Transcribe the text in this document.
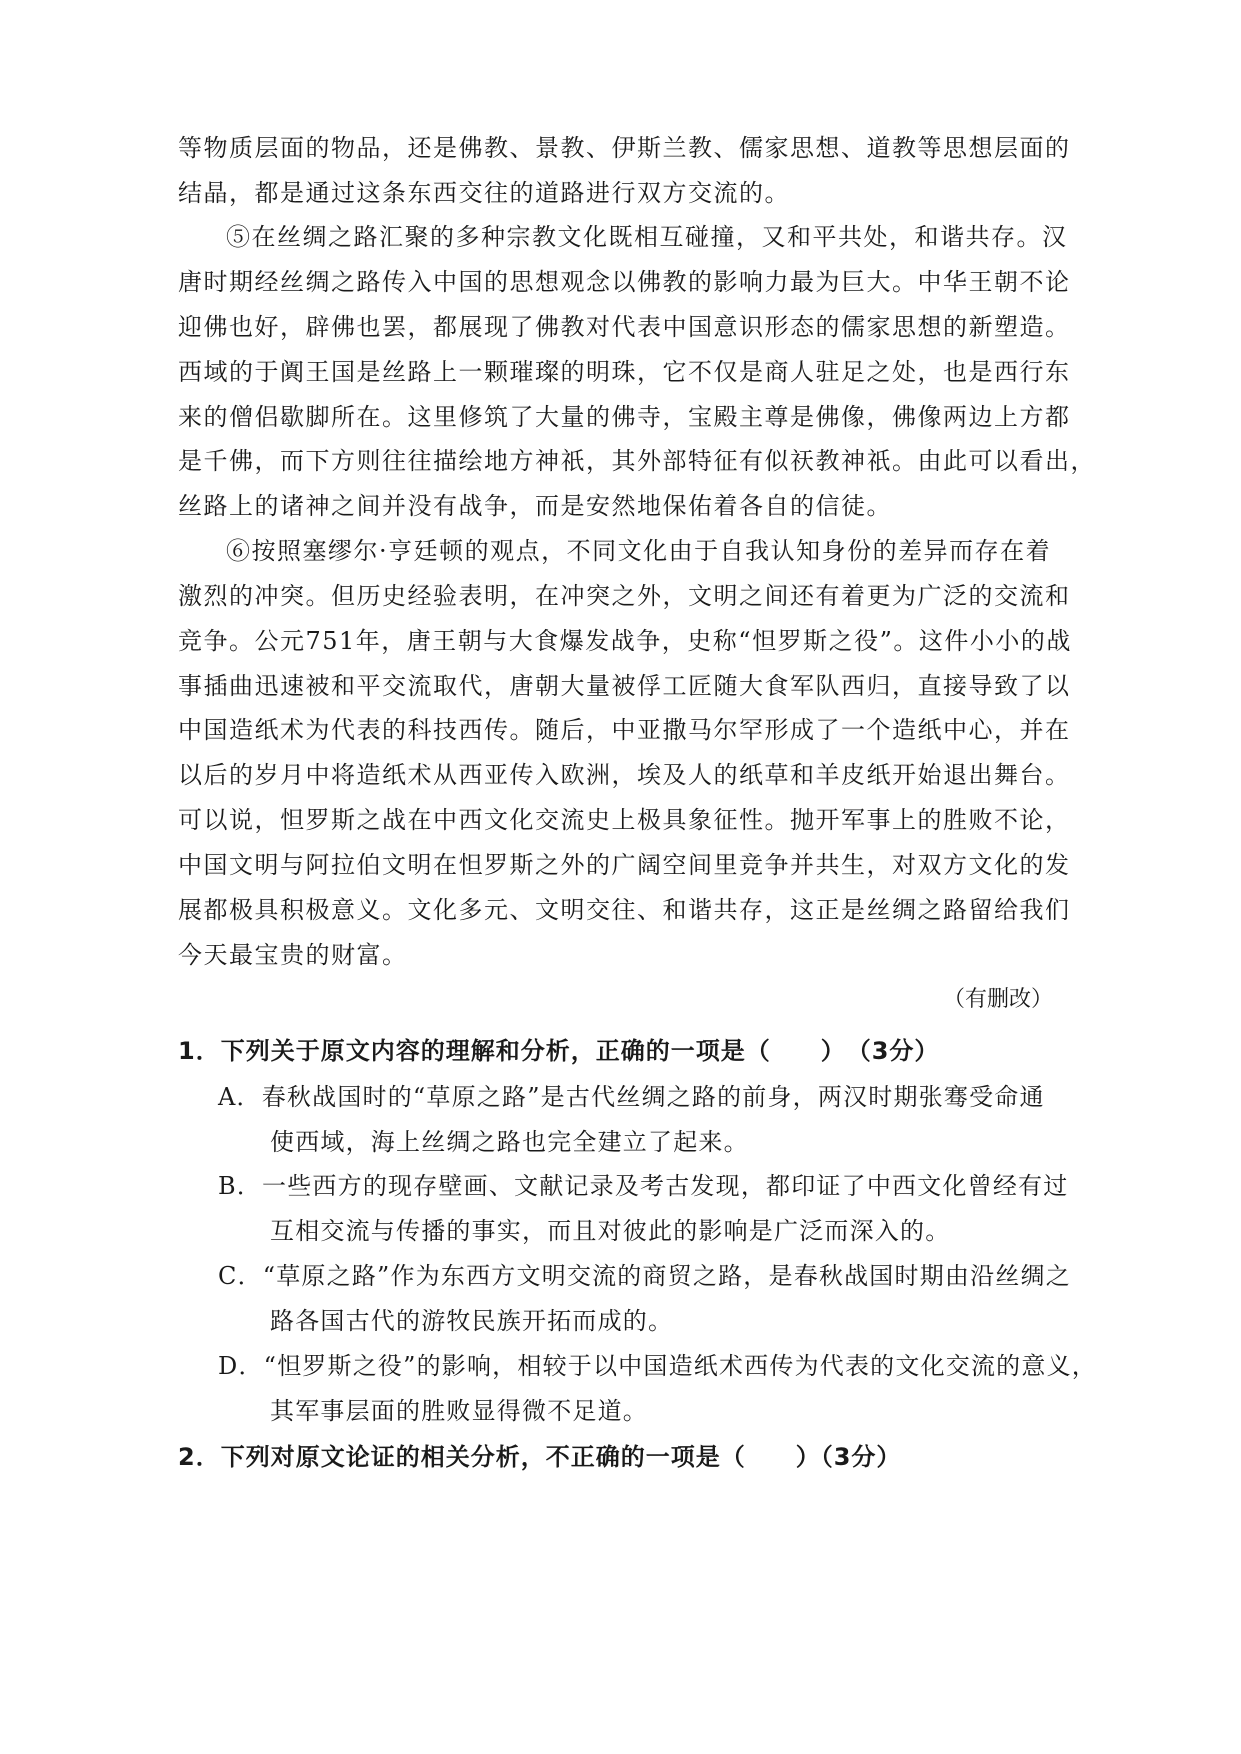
等物质层面的物品，还是佛教、景教、伊斯兰教、儒家思想、道教等思想层面的
结晶，都是通过这条东西交往的道路进行双方交流的。
⑤在丝绸之路汇聚的多种宗教文化既相互碰撞，又和平共处，和谐共存。汉
唐时期经丝绸之路传入中国的思想观念以佛教的影响力最为巨大。中华王朝不论
迎佛也好，辟佛也罢，都展现了佛教对代表中国意识形态的儒家思想的新塑造。
西域的于阗王国是丝路上一颗璀璨的明珠，它不仅是商人驻足之处，也是西行东
来的僧侣歇脚所在。这里修筑了大量的佛寺，宝殿主尊是佛像，佛像两边上方都
是千佛，而下方则往往描绘地方神祇，其外部特征有似祆教神祇。由此可以看出，
丝路上的诸神之间并没有战争，而是安然地保佑着各自的信徒。
⑥按照塞缪尔·亨廷顿的观点，不同文化由于自我认知身份的差异而存在着
激烈的冲突。但历史经验表明，在冲突之外，文明之间还有着更为广泛的交流和
竞争。公元751年，唐王朝与大食爆发战争，史称“怛罗斯之役”。这件小小的战
事插曲迅速被和平交流取代，唐朝大量被俘工匠随大食军队西归，直接导致了以
中国造纸术为代表的科技西传。随后，中亚撒马尔罕形成了一个造纸中心，并在
以后的岁月中将造纸术从西亚传入欧洲，埃及人的纸草和羊皮纸开始退出舞台。
可以说，怛罗斯之战在中西文化交流史上极具象征性。抛开军事上的胜败不论，
中国文明与阿拉伯文明在怛罗斯之外的广阔空间里竞争并共生，对双方文化的发
展都极具积极意义。文化多元、文明交往、和谐共存，这正是丝绸之路留给我们
今天最宝贵的财富。
（有删改）
1．下列关于原文内容的理解和分析，正确的一项是（　　）　（3分）
A．春秋战国时的“草原之路”是古代丝绸之路的前身，两汉时期张骞受命通
使西域，海上丝绸之路也完全建立了起来。
B．一些西方的现存壁画、文献记录及考古发现，都印证了中西文化曾经有过
互相交流与传播的事实，而且对彼此的影响是广泛而深入的。
C．“草原之路”作为东西方文明交流的商贸之路，是春秋战国时期由沿丝绸之
路各国古代的游牧民族开拓而成的。
D．“怛罗斯之役”的影响，相较于以中国造纸术西传为代表的文化交流的意义，
其军事层面的胜败显得微不足道。
2．下列对原文论证的相关分析，不正确的一项是（　　）（3分）
